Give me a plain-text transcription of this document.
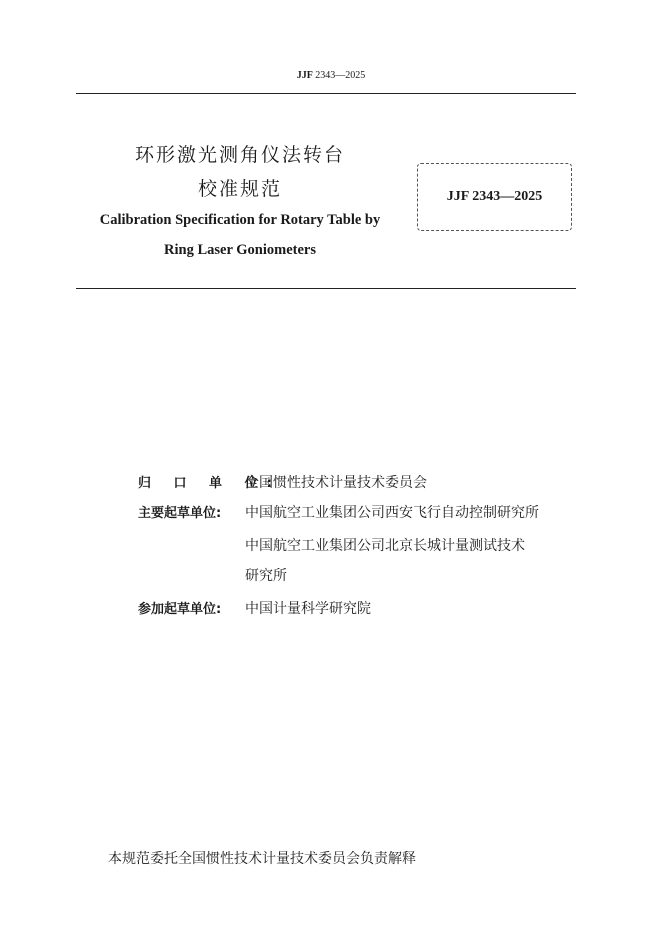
JJF 2343—2025
环形激光测角仪法转台
校准规范
Calibration Specification for Rotary Table by
Ring Laser Goniometers
JJF 2343—2025
归 口 单 位:
全国惯性技术计量技术委员会
主要起草单位:	中国航空工业集团公司西安飞行自动控制研究所
中国航空工业集团公司北京长城计量测试技术
研究所
参加起草单位:	中国计量科学研究院
本规范委托全国惯性技术计量技术委员会负责解释
